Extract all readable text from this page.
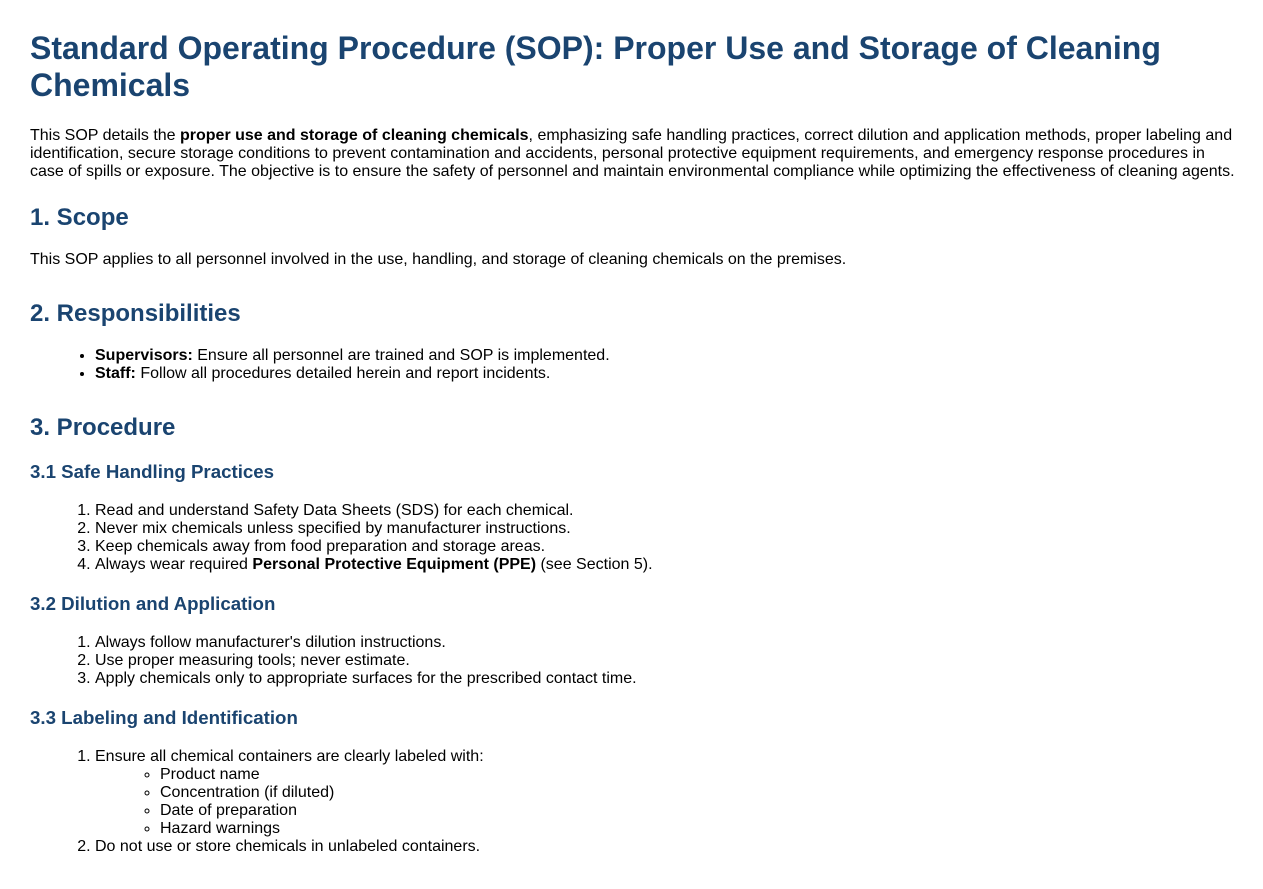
Standard Operating Procedure (SOP): Proper Use and Storage of Cleaning Chemicals

This SOP details the proper use and storage of cleaning chemicals, emphasizing safe handling practices, correct dilution and application methods, proper labeling and identification, secure storage conditions to prevent contamination and accidents, personal protective equipment requirements, and emergency response procedures in case of spills or exposure. The objective is to ensure the safety of personnel and maintain environmental compliance while optimizing the effectiveness of cleaning agents.

1. Scope

This SOP applies to all personnel involved in the use, handling, and storage of cleaning chemicals on the premises.

2. Responsibilities
• Supervisors: Ensure all personnel are trained and SOP is implemented.
• Staff: Follow all procedures detailed herein and report incidents.
3. Procedure
3.1 Safe Handling Practices
1. Read and understand Safety Data Sheets (SDS) for each chemical.
2. Never mix chemicals unless specified by manufacturer instructions.
3. Keep chemicals away from food preparation and storage areas.
4. Always wear required Personal Protective Equipment (PPE) (see Section 5).
3.2 Dilution and Application
1. Always follow manufacturer's dilution instructions.
2. Use proper measuring tools; never estimate.
3. Apply chemicals only to appropriate surfaces for the prescribed contact time.
3.3 Labeling and Identification
1. Ensure all chemical containers are clearly labeled with:
◦ Product name
◦ Concentration (if diluted)
◦ Date of preparation
◦ Hazard warnings
2. Do not use or store chemicals in unlabeled containers.
